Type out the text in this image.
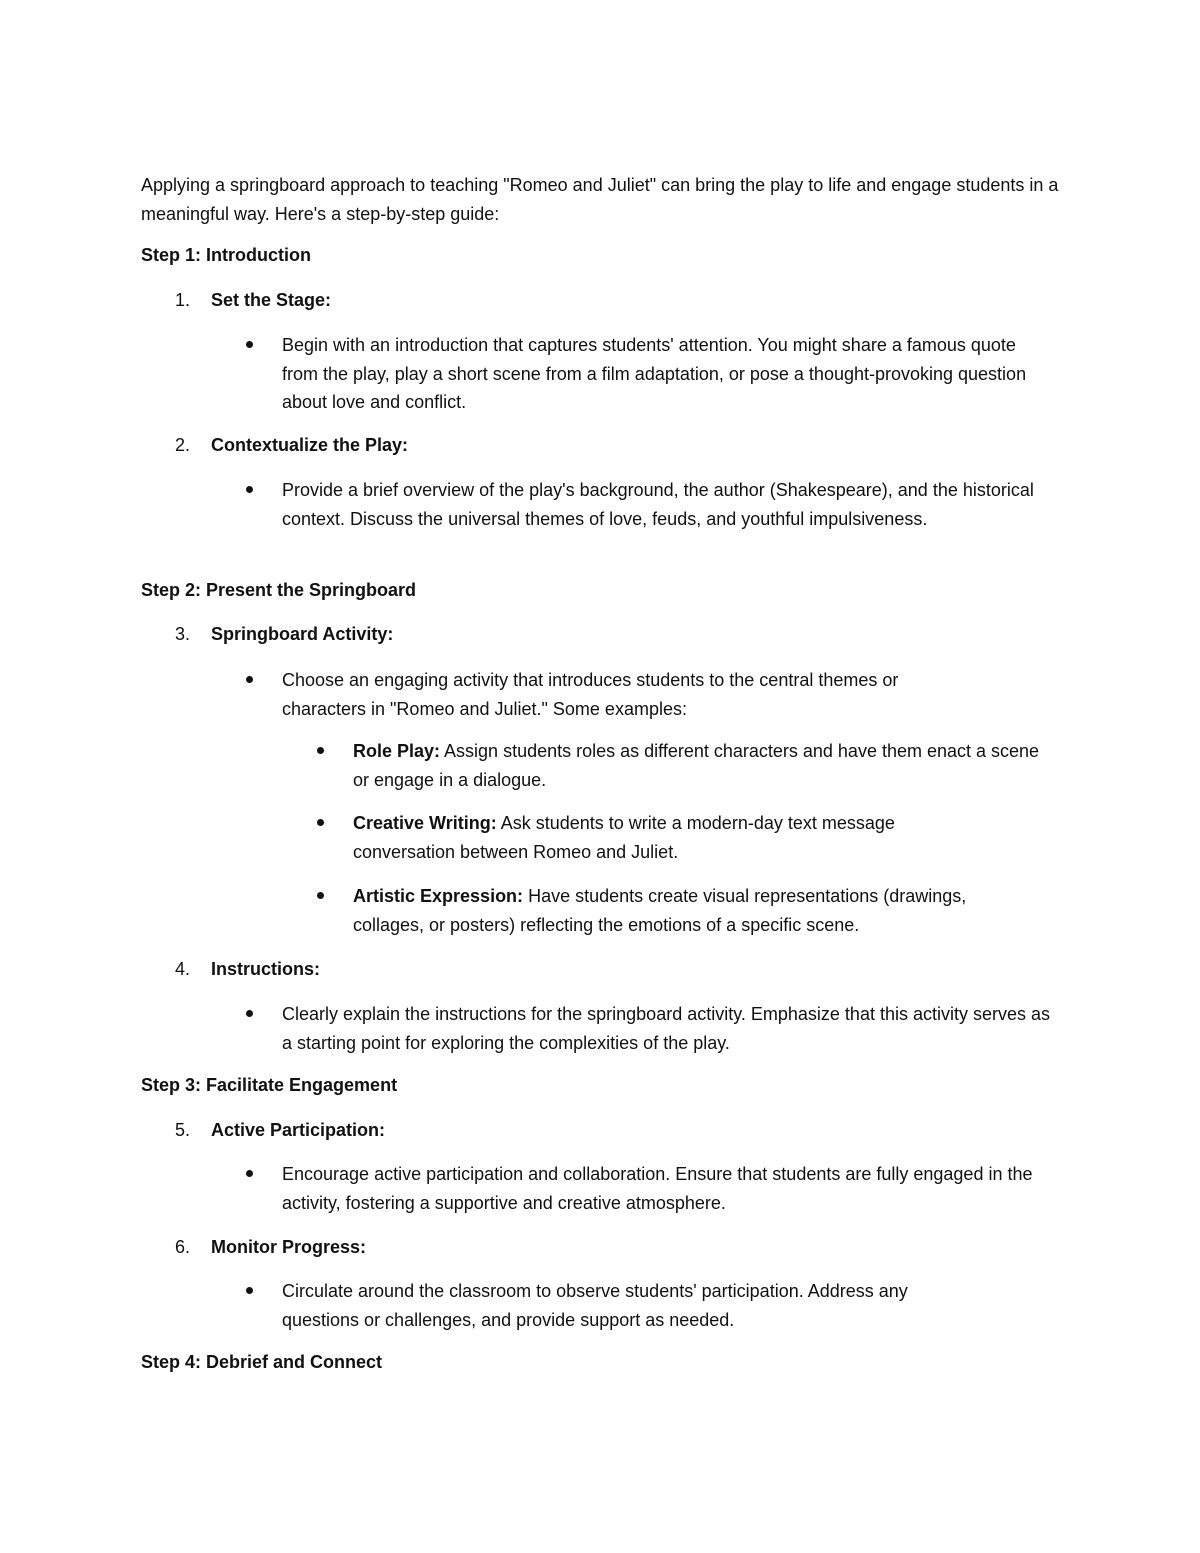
Applying a springboard approach to teaching "Romeo and Juliet" can bring the play to life and engage students in a meaningful way. Here's a step-by-step guide:

Step 1: Introduction

1. Set the Stage:

Begin with an introduction that captures students' attention. You might share a famous quote from the play, play a short scene from a film adaptation, or pose a thought-provoking question about love and conflict.

2. Contextualize the Play:

Provide a brief overview of the play's background, the author (Shakespeare), and the historical context. Discuss the universal themes of love, feuds, and youthful impulsiveness.

Step 2: Present the Springboard

3. Springboard Activity:

Choose an engaging activity that introduces students to the central themes or characters in "Romeo and Juliet." Some examples:
Role Play: Assign students roles as different characters and have them enact a scene or engage in a dialogue.
Creative Writing: Ask students to write a modern-day text message conversation between Romeo and Juliet.
Artistic Expression: Have students create visual representations (drawings, collages, or posters) reflecting the emotions of a specific scene.

4. Instructions:

Clearly explain the instructions for the springboard activity. Emphasize that this activity serves as a starting point for exploring the complexities of the play.

Step 3: Facilitate Engagement

5. Active Participation:

Encourage active participation and collaboration. Ensure that students are fully engaged in the activity, fostering a supportive and creative atmosphere.

6. Monitor Progress:

Circulate around the classroom to observe students' participation. Address any questions or challenges, and provide support as needed.

Step 4: Debrief and Connect
